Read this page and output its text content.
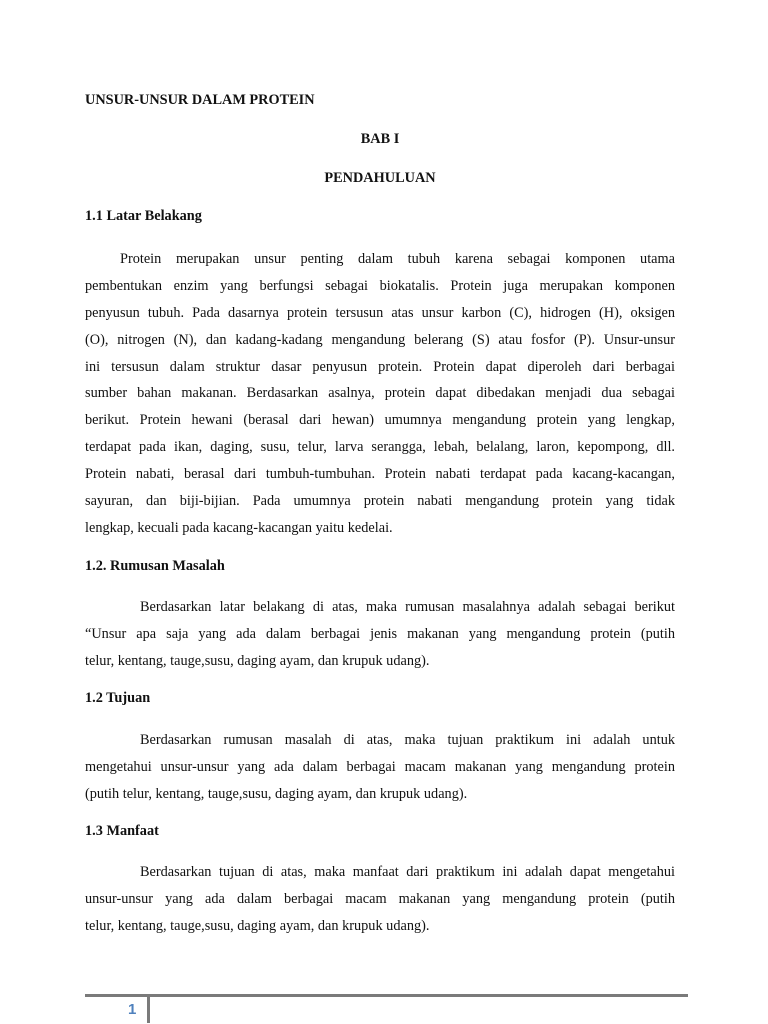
UNSUR-UNSUR DALAM PROTEIN
BAB I
PENDAHULUAN
1.1 Latar Belakang
Protein merupakan unsur penting dalam tubuh karena sebagai komponen utama
pembentukan enzim yang berfungsi sebagai biokatalis. Protein juga merupakan komponen
penyusun tubuh. Pada dasarnya protein tersusun atas unsur karbon (C), hidrogen (H), oksigen
(O), nitrogen (N), dan kadang-kadang mengandung belerang (S) atau fosfor (P). Unsur-unsur
ini tersusun dalam struktur dasar penyusun protein. Protein dapat diperoleh dari berbagai
sumber bahan makanan. Berdasarkan asalnya, protein dapat dibedakan menjadi dua sebagai
berikut. Protein hewani (berasal dari hewan) umumnya mengandung protein yang lengkap,
terdapat pada ikan, daging, susu, telur, larva serangga, lebah, belalang, laron, kepompong, dll.
Protein nabati, berasal dari tumbuh-tumbuhan. Protein nabati terdapat pada kacang-kacangan,
sayuran, dan biji-bijian. Pada umumnya protein nabati mengandung protein yang tidak
lengkap, kecuali pada kacang-kacangan yaitu kedelai.
1.2. Rumusan Masalah
Berdasarkan latar belakang di atas, maka rumusan masalahnya adalah sebagai berikut
“Unsur apa saja yang ada dalam berbagai jenis makanan yang mengandung protein (putih
telur, kentang, tauge,susu, daging ayam, dan krupuk udang).
1.2 Tujuan
Berdasarkan rumusan masalah di atas, maka tujuan praktikum ini adalah untuk
mengetahui unsur-unsur yang ada dalam berbagai macam makanan yang mengandung protein
(putih telur, kentang, tauge,susu, daging ayam, dan krupuk udang).
1.3 Manfaat
Berdasarkan tujuan di atas, maka manfaat dari praktikum ini adalah dapat mengetahui
unsur-unsur yang ada dalam berbagai macam makanan yang mengandung protein (putih
telur, kentang, tauge,susu, daging ayam, dan krupuk udang).
1
